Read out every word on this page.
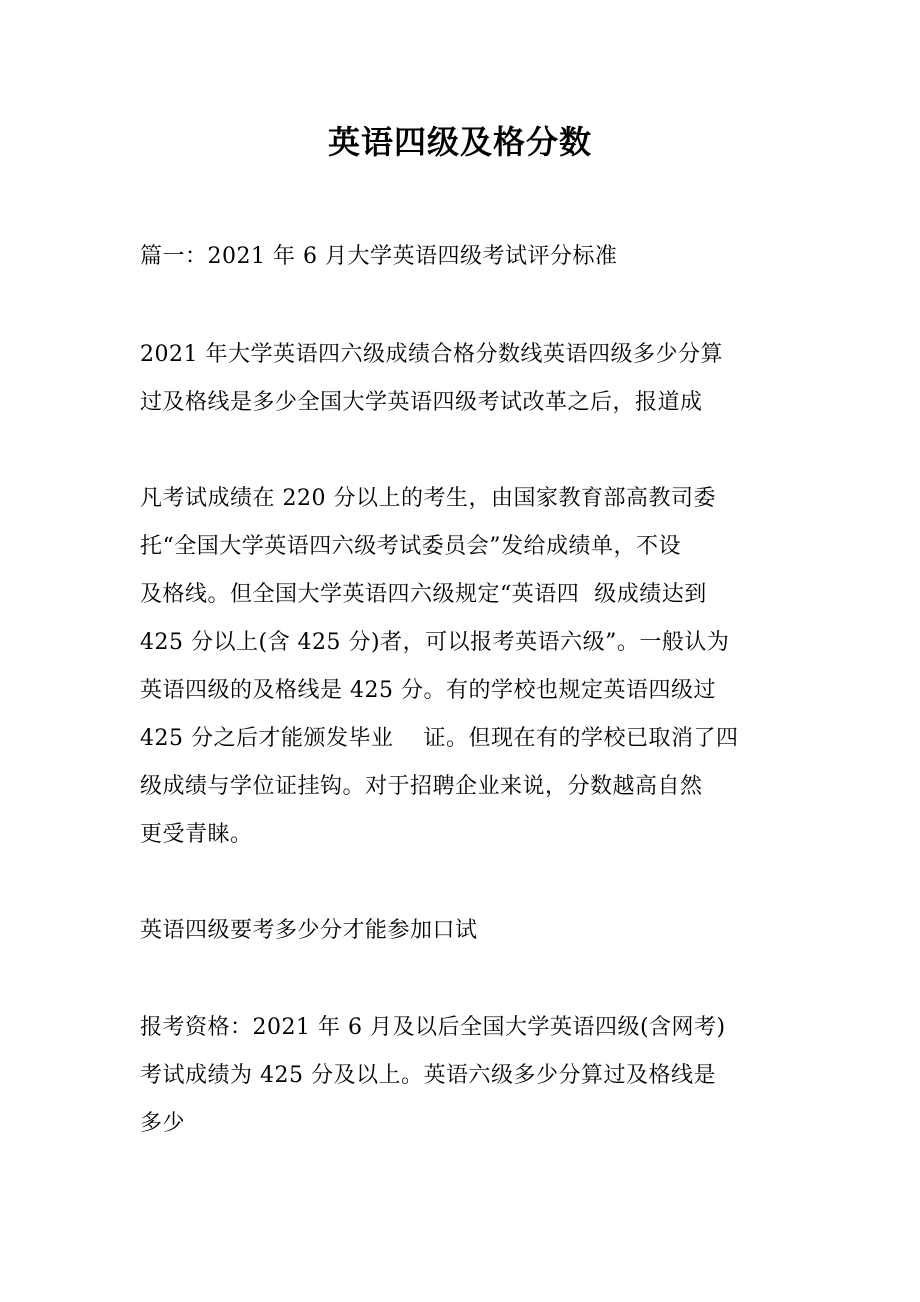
英语四级及格分数

篇一：2021 年 6 月大学英语四级考试评分标准

2021 年大学英语四六级成绩合格分数线英语四级多少分算
过及格线是多少全国大学英语四级考试改革之后，报道成

凡考试成绩在 220 分以上的考生，由国家教育部高教司委
托“全国大学英语四六级考试委员会”发给成绩单，不设
及格线。但全国大学英语四六级规定“英语四  级成绩达到
425 分以上(含 425 分)者，可以报考英语六级”。一般认为
英语四级的及格线是 425 分。有的学校也规定英语四级过
425 分之后才能颁发毕业    证。但现在有的学校已取消了四
级成绩与学位证挂钩。对于招聘企业来说，分数越高自然
更受青睐。

英语四级要考多少分才能参加口试

报考资格：2021 年 6 月及以后全国大学英语四级(含网考)
考试成绩为 425 分及以上。英语六级多少分算过及格线是
多少
